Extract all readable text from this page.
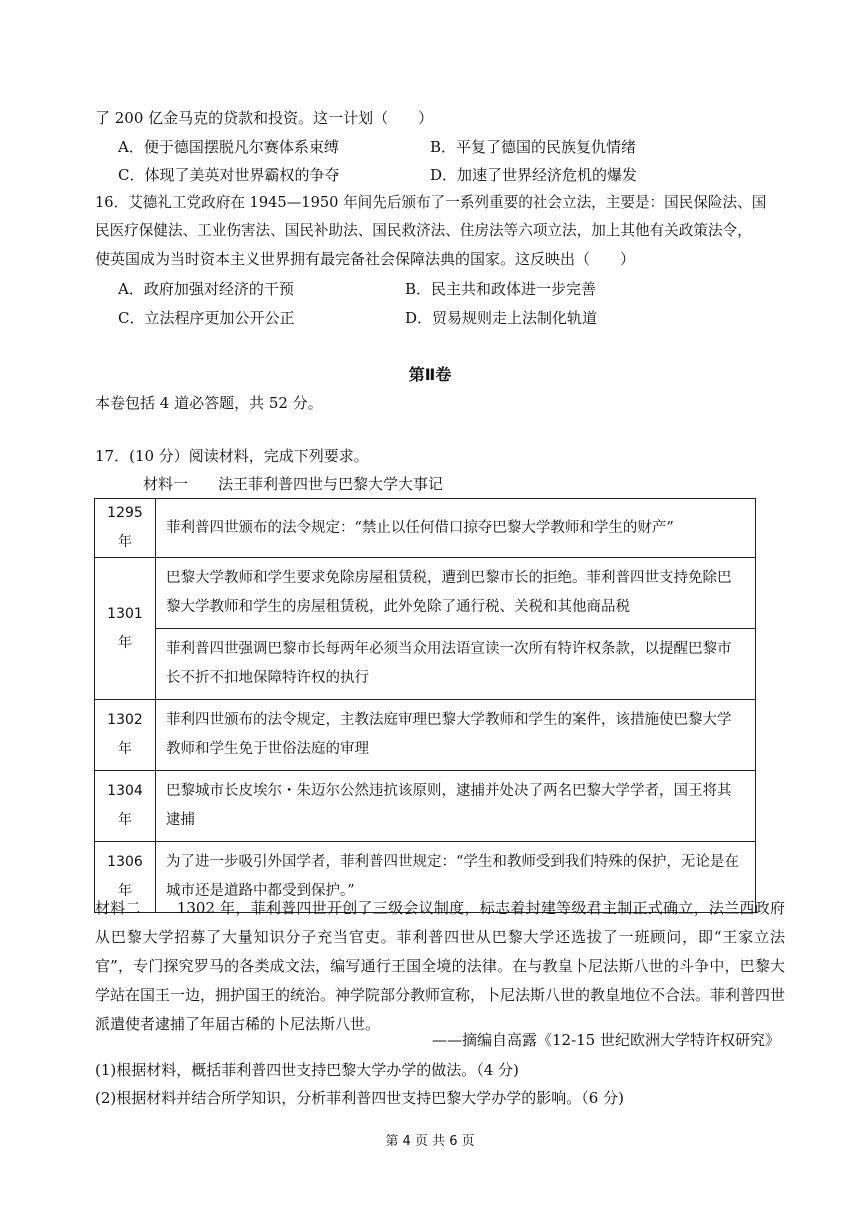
了 200 亿金马克的贷款和投资。这一计划（　　）
A．便于德国摆脱凡尔赛体系束缚	B．平复了德国的民族复仇情绪
C．体现了美英对世界霸权的争夺	D．加速了世界经济危机的爆发
16．艾德礼工党政府在 1945—1950 年间先后颁布了一系列重要的社会立法，主要是：国民保险法、国
民医疗保健法、工业伤害法、国民补助法、国民救济法、住房法等六项立法，加上其他有关政策法令，
使英国成为当时资本主义世界拥有最完备社会保障法典的国家。这反映出（　　）
A．政府加强对经济的干预	B．民主共和政体进一步完善
C．立法程序更加公开公正	D．贸易规则走上法制化轨道
第Ⅱ卷
本卷包括 4 道必答题，共 52 分。
17．(10 分）阅读材料，完成下列要求。
材料一　　法王菲利普四世与巴黎大学大事记
1295 年	菲利普四世颁布的法令规定：“禁止以任何借口掠夺巴黎大学教师和学生的财产”
1301 年	巴黎大学教师和学生要求免除房屋租赁税，遭到巴黎市长的拒绝。菲利普四世支持免除巴黎大学教师和学生的房屋租赁税，此外免除了通行税、关税和其他商品税
	菲利普四世强调巴黎市长每两年必须当众用法语宣读一次所有特许权条款，以提醒巴黎市长不折不扣地保障特许权的执行
1302 年	菲利四世颁布的法令规定，主教法庭审理巴黎大学教师和学生的案件，该措施使巴黎大学教师和学生免于世俗法庭的审理
1304 年	巴黎城市长皮埃尔・朱迈尔公然违抗该原则，逮捕并处决了两名巴黎大学学者，国王将其逮捕
1306 年	为了进一步吸引外国学者，菲利普四世规定：“学生和教师受到我们特殊的保护，无论是在城市还是道路中都受到保护。”
材料二 1302 年，菲利普四世开创了三级会议制度，标志着封建等级君主制正式确立，法兰西政府从巴黎大学招募了大量知识分子充当官吏。菲利普四世从巴黎大学还选拔了一班顾问，即“王家立法官”，专门探究罗马的各类成文法，编写通行王国全境的法律。在与教皇卜尼法斯八世的斗争中，巴黎大学站在国王一边，拥护国王的统治。神学院部分教师宣称，卜尼法斯八世的教皇地位不合法。菲利普四世派遣使者逮捕了年届古稀的卜尼法斯八世。
——摘编自高露《12-15 世纪欧洲大学特许权研究》
(1)根据材料，概括菲利普四世支持巴黎大学办学的做法。（4 分)
(2)根据材料并结合所学知识，分析菲利普四世支持巴黎大学办学的影响。（6 分)
第 4 页 共 6 页
